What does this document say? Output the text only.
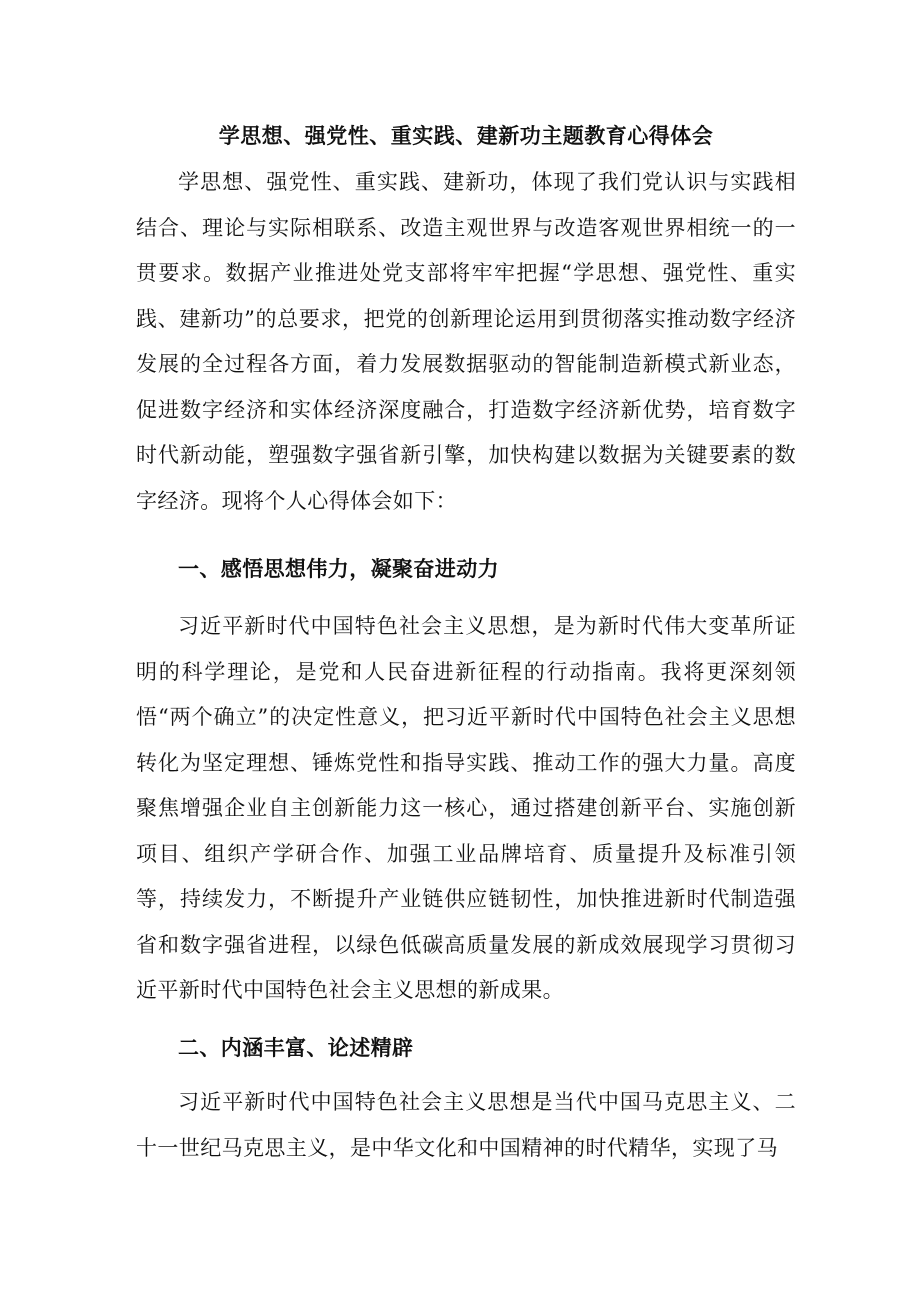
学思想、强党性、重实践、建新功主题教育心得体会

学思想、强党性、重实践、建新功，体现了我们党认识与实践相结合、理论与实际相联系、改造主观世界与改造客观世界相统一的一贯要求。数据产业推进处党支部将牢牢把握“学思想、强党性、重实践、建新功”的总要求，把党的创新理论运用到贯彻落实推动数字经济发展的全过程各方面，着力发展数据驱动的智能制造新模式新业态，促进数字经济和实体经济深度融合，打造数字经济新优势，培育数字时代新动能，塑强数字强省新引擎，加快构建以数据为关键要素的数字经济。现将个人心得体会如下：

一、感悟思想伟力，凝聚奋进动力

习近平新时代中国特色社会主义思想，是为新时代伟大变革所证明的科学理论，是党和人民奋进新征程的行动指南。我将更深刻领悟“两个确立”的决定性意义，把习近平新时代中国特色社会主义思想转化为坚定理想、锤炼党性和指导实践、推动工作的强大力量。高度聚焦增强企业自主创新能力这一核心，通过搭建创新平台、实施创新项目、组织产学研合作、加强工业品牌培育、质量提升及标准引领等，持续发力，不断提升产业链供应链韧性，加快推进新时代制造强省和数字强省进程，以绿色低碳高质量发展的新成效展现学习贯彻习近平新时代中国特色社会主义思想的新成果。

二、内涵丰富、论述精辟

习近平新时代中国特色社会主义思想是当代中国马克思主义、二十一世纪马克思主义，是中华文化和中国精神的时代精华，实现了马
